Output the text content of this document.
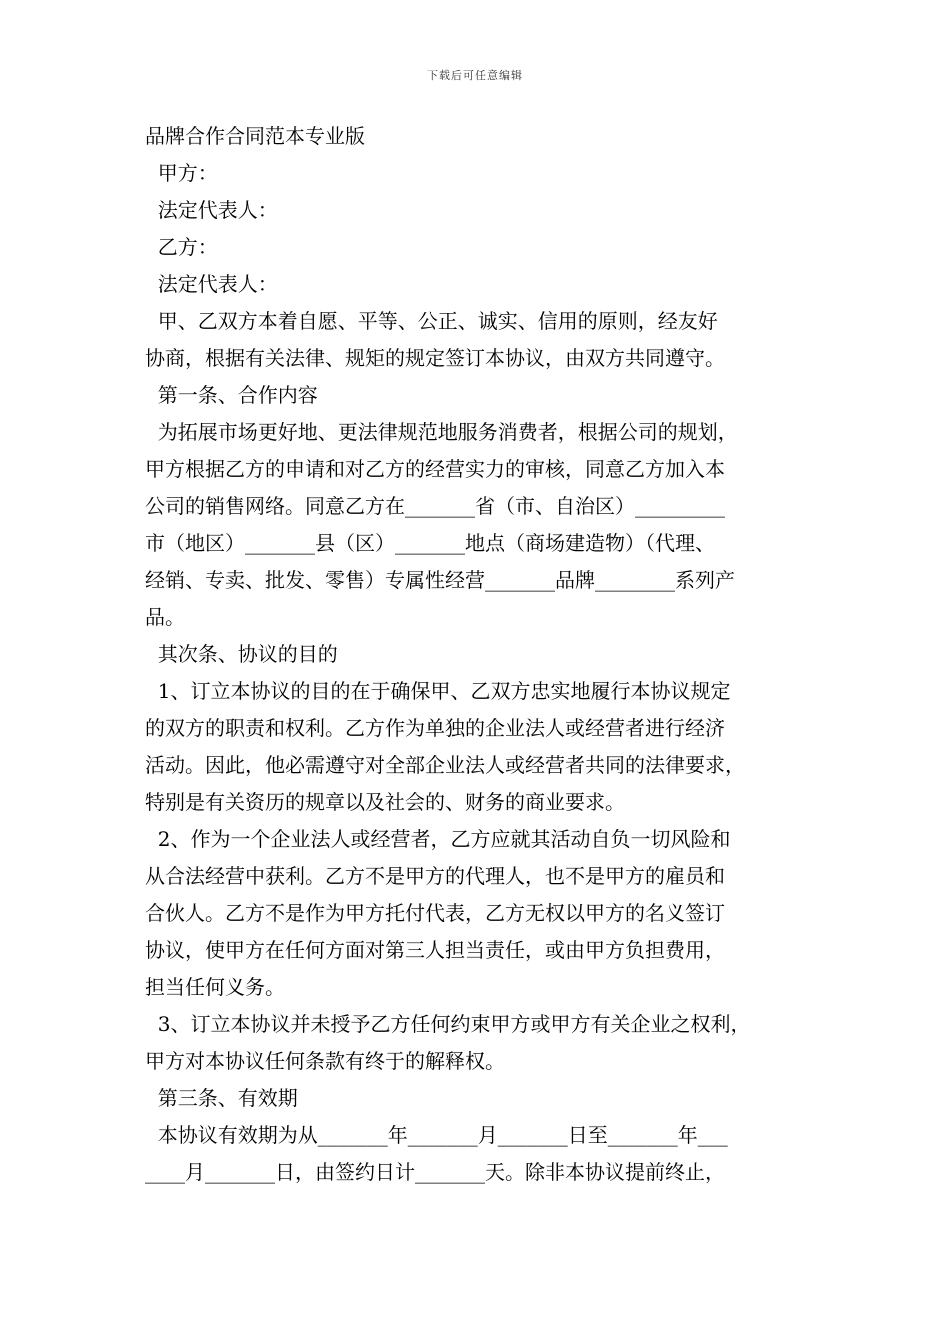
下载后可任意编辑
品牌合作合同范本专业版
甲方：
法定代表人：
乙方：
法定代表人：
甲、乙双方本着自愿、平等、公正、诚实、信用的原则，经友好
协商，根据有关法律、规矩的规定签订本协议，由双方共同遵守。
第一条、合作内容
为拓展市场更好地、更法律规范地服务消费者，根据公司的规划，
甲方根据乙方的申请和对乙方的经营实力的审核，同意乙方加入本
公司的销售网络。同意乙方在_______省（市、自治区）_________
市（地区）_______县（区）_______地点（商场建造物）（代理、
经销、专卖、批发、零售）专属性经营_______品牌________系列产
品。
其次条、协议的目的
1、订立本协议的目的在于确保甲、乙双方忠实地履行本协议规定
的双方的职责和权利。乙方作为单独的企业法人或经营者进行经济
活动。因此，他必需遵守对全部企业法人或经营者共同的法律要求，
特别是有关资历的规章以及社会的、财务的商业要求。
2、作为一个企业法人或经营者，乙方应就其活动自负一切风险和
从合法经营中获利。乙方不是甲方的代理人，也不是甲方的雇员和
合伙人。乙方不是作为甲方托付代表，乙方无权以甲方的名义签订
协议，使甲方在任何方面对第三人担当责任，或由甲方负担费用，
担当任何义务。
3、订立本协议并未授予乙方任何约束甲方或甲方有关企业之权利，
甲方对本协议任何条款有终于的解释权。
第三条、有效期
本协议有效期为从_______年_______月_______日至_______年___
____月_______日，由签约日计_______天。除非本协议提前终止，
